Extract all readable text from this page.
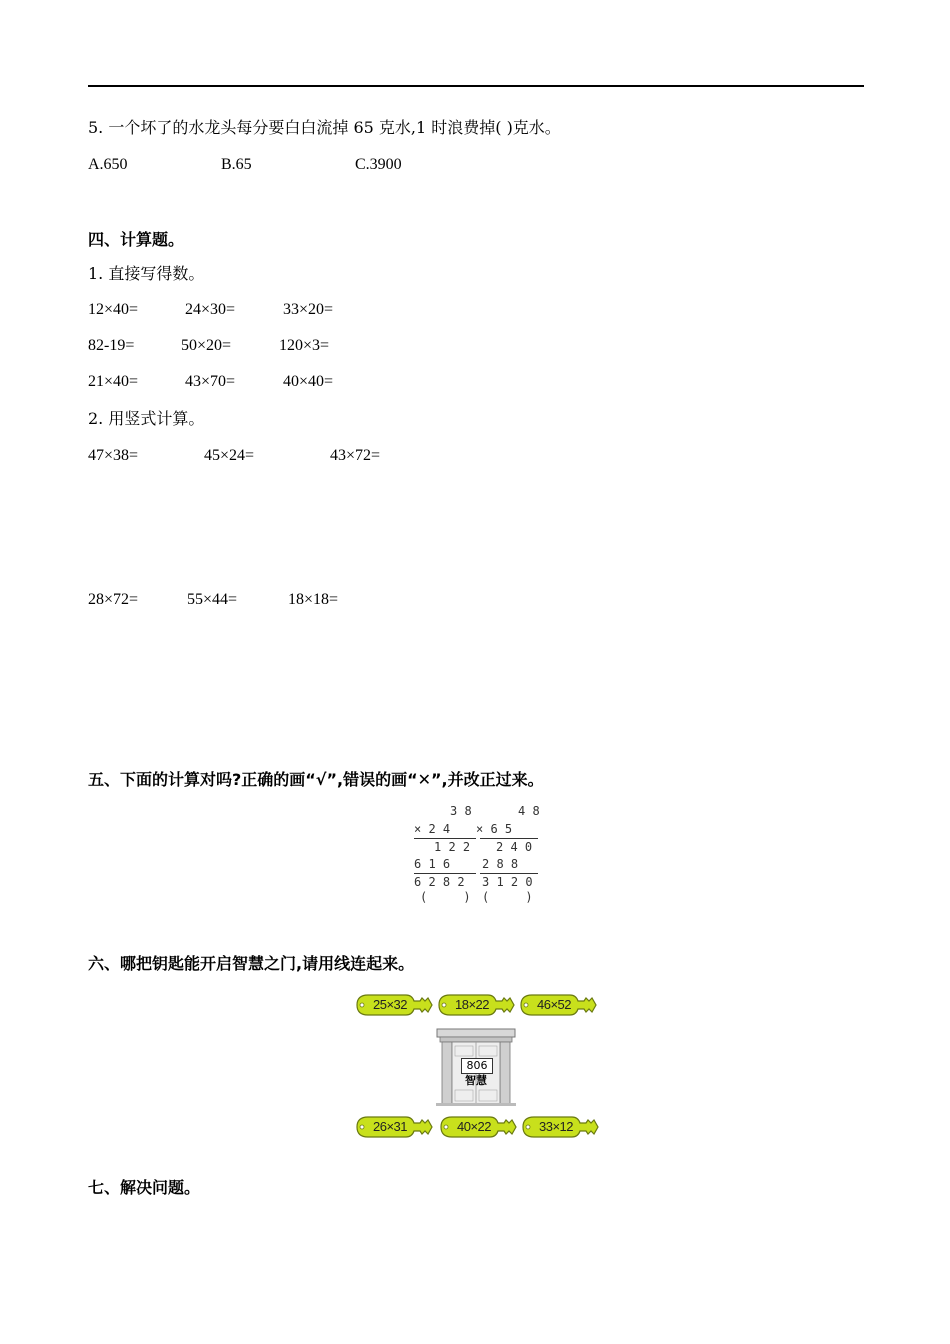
5. 一个坏了的水龙头每分要白白流掉 65 克水,1 时浪费掉( )克水。
A.650	B.65	C.3900
四、计算题。
1. 直接写得数。
12×40=	24×30=	33×20=
82-19=	50×20=	120×3=
21×40=	43×70=	40×40=
2. 用竖式计算。
47×38=	45×24=	43×72=
28×72=	55×44=	18×18=
五、下面的计算对吗?正确的画“√”,错误的画“✕”,并改正过来。
3 8
× 2 4
1 2 2
6 1 6
6 2 8 2
(     )
4 8
× 6 5
2 4 0
2 8 8
3 1 2 0
(     )
六、哪把钥匙能开启智慧之门,请用线连起来。
25×32	18×22	46×52
806
智慧
26×31	40×22	33×12
七、解决问题。
